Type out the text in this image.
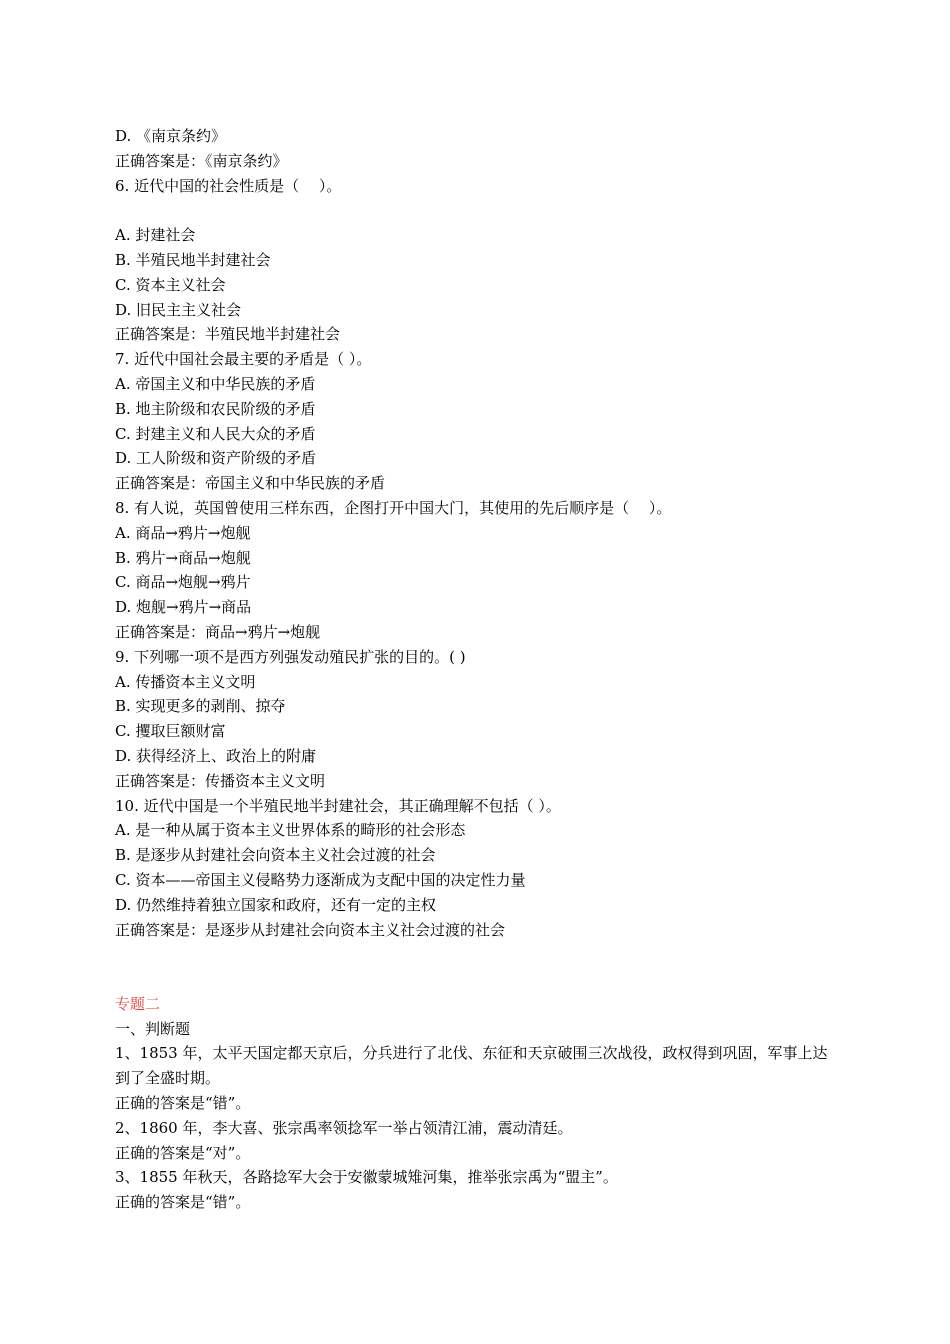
D. 《南京条约》
正确答案是：《南京条约》
6. 近代中国的社会性质是（　 ）。
A. 封建社会
B. 半殖民地半封建社会
C. 资本主义社会
D. 旧民主主义社会
正确答案是：半殖民地半封建社会
7. 近代中国社会最主要的矛盾是（ ）。
A. 帝国主义和中华民族的矛盾
B. 地主阶级和农民阶级的矛盾
C. 封建主义和人民大众的矛盾
D. 工人阶级和资产阶级的矛盾
正确答案是：帝国主义和中华民族的矛盾
8. 有人说，英国曾使用三样东西，企图打开中国大门，其使用的先后顺序是（　 ）。
A. 商品→鸦片→炮舰
B. 鸦片→商品→炮舰
C. 商品→炮舰→鸦片
D. 炮舰→鸦片→商品
正确答案是：商品→鸦片→炮舰
9. 下列哪一项不是西方列强发动殖民扩张的目的。( )
A. 传播资本主义文明
B. 实现更多的剥削、掠夺
C. 攫取巨额财富
D. 获得经济上、政治上的附庸
正确答案是：传播资本主义文明
10. 近代中国是一个半殖民地半封建社会，其正确理解不包括（ ）。
A. 是一种从属于资本主义世界体系的畸形的社会形态
B. 是逐步从封建社会向资本主义社会过渡的社会
C. 资本——帝国主义侵略势力逐渐成为支配中国的决定性力量
D. 仍然维持着独立国家和政府，还有一定的主权
正确答案是：是逐步从封建社会向资本主义社会过渡的社会
专题二
一、判断题
1、1853 年，太平天国定都天京后，分兵进行了北伐、东征和天京破围三次战役，政权得到巩固，军事上达到了全盛时期。
正确的答案是“错”。
2、1860 年，李大喜、张宗禹率领捻军一举占领清江浦，震动清廷。
正确的答案是“对”。
3、1855 年秋天，各路捻军大会于安徽蒙城雉河集，推举张宗禹为“盟主”。
正确的答案是“错”。
